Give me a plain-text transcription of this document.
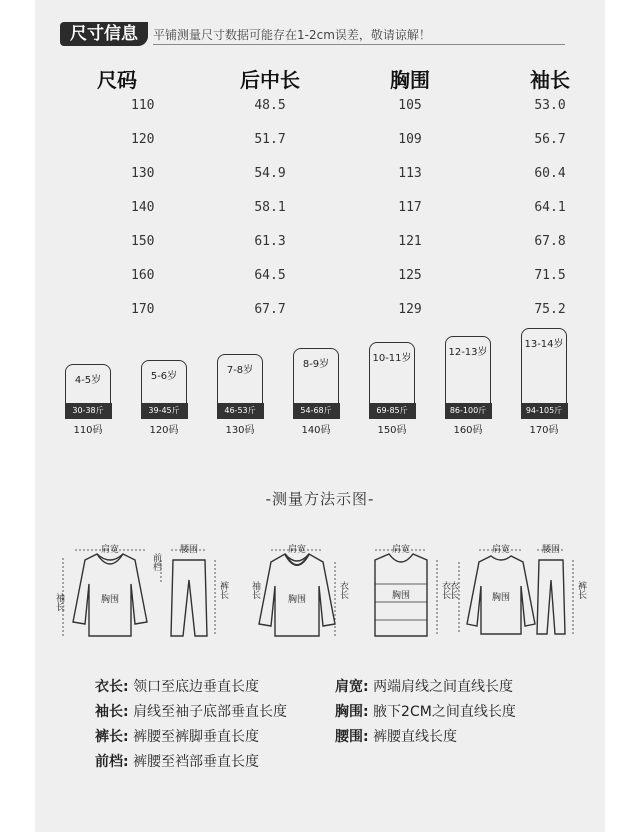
尺寸信息	平铺测量尺寸数据可能存在1-2cm误差，敬请谅解！
尺码	后中长	胸围	袖长
110	48.5	105	53.0
120	51.7	109	56.7
130	54.9	113	60.4
140	58.1	117	64.1
150	61.3	121	67.8
160	64.5	125	71.5
170	67.7	129	75.2
4-5岁
30-38斤
110码
5-6岁
39-45斤
120码
7-8岁
46-53斤
130码
8-9岁
54-68斤
140码
10-11岁
69-85斤
150码
12-13岁
86-100斤
160码
13-14岁
94-105斤
170码
-测量方法示图-
肩宽
胸围
袖长
腰围
裤长
前档
肩宽
胸围
袖长	衣长
肩宽
胸围	衣长
肩宽
胸围
衣长
腰围
裤长
衣长: 领口至底边垂直长度	肩宽: 两端肩线之间直线长度
袖长: 肩线至袖子底部垂直长度	胸围: 腋下2CM之间直线长度
裤长: 裤腰至裤脚垂直长度	腰围: 裤腰直线长度
前档: 裤腰至裆部垂直长度
